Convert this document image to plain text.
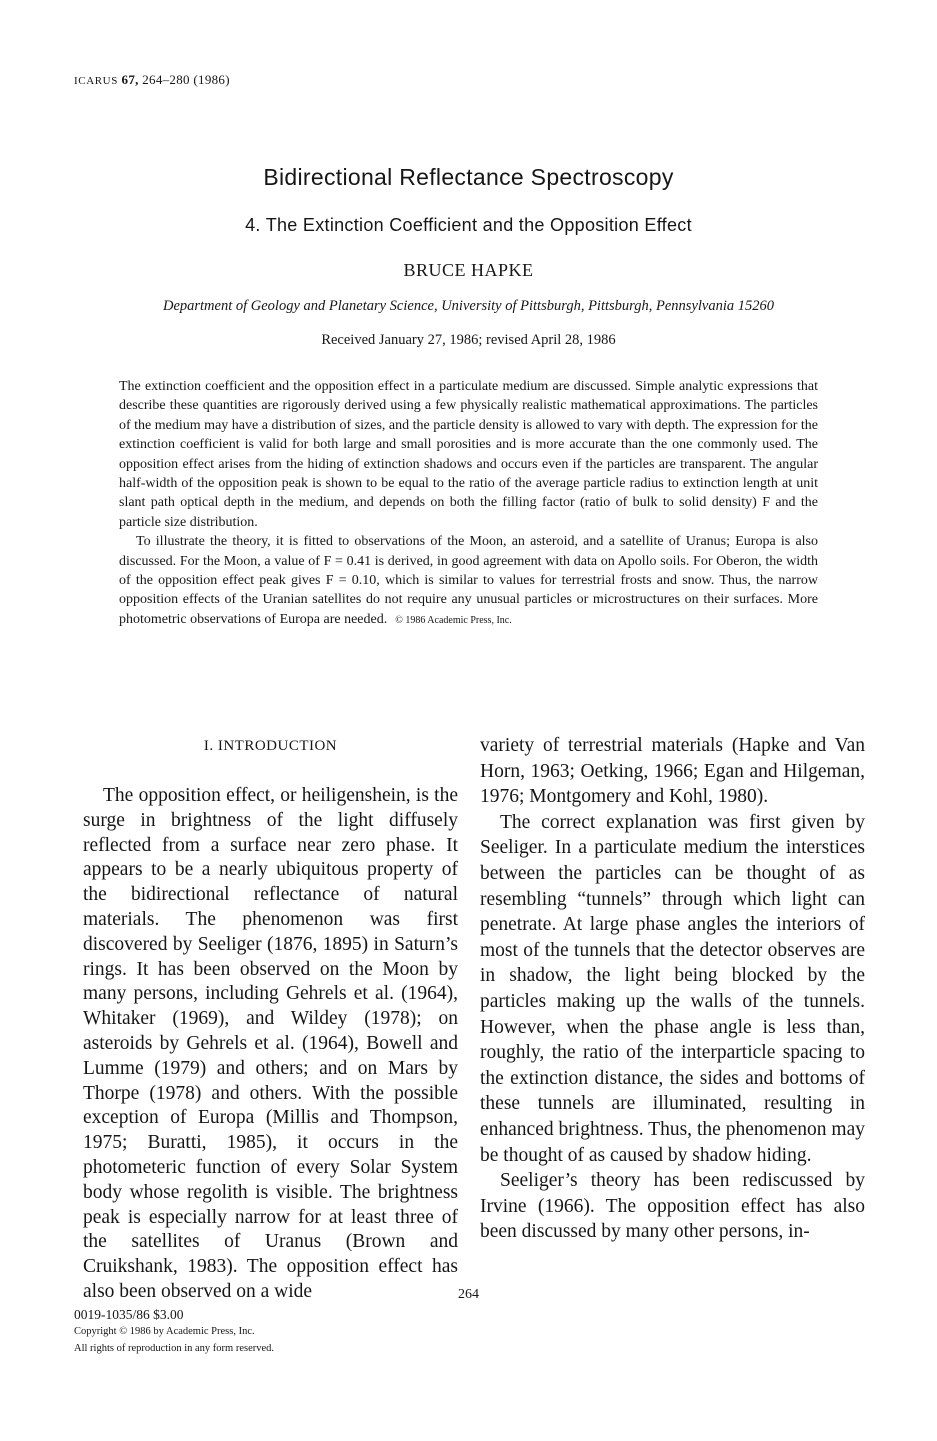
ICARUS 67, 264–280 (1986)
Bidirectional Reflectance Spectroscopy
4. The Extinction Coefficient and the Opposition Effect
BRUCE HAPKE
Department of Geology and Planetary Science, University of Pittsburgh, Pittsburgh, Pennsylvania 15260
Received January 27, 1986; revised April 28, 1986

The extinction coefficient and the opposition effect in a particulate medium are discussed. Simple analytic expressions that describe these quantities are rigorously derived using a few physically realistic mathematical approximations. The particles of the medium may have a distribution of sizes, and the particle density is allowed to vary with depth. The expression for the extinction coefficient is valid for both large and small porosities and is more accurate than the one commonly used. The opposition effect arises from the hiding of extinction shadows and occurs even if the particles are transparent. The angular half-width of the opposition peak is shown to be equal to the ratio of the average particle radius to extinction length at unit slant path optical depth in the medium, and depends on both the filling factor (ratio of bulk to solid density) F and the particle size distribution.

To illustrate the theory, it is fitted to observations of the Moon, an asteroid, and a satellite of Uranus; Europa is also discussed. For the Moon, a value of F = 0.41 is derived, in good agreement with data on Apollo soils. For Oberon, the width of the opposition effect peak gives F = 0.10, which is similar to values for terrestrial frosts and snow. Thus, the narrow opposition effects of the Uranian satellites do not require any unusual particles or microstructures on their surfaces. More photometric observations of Europa are needed. © 1986 Academic Press, Inc.

I. INTRODUCTION

The opposition effect, or heiligenshein, is the surge in brightness of the light diffusely reflected from a surface near zero phase. It appears to be a nearly ubiquitous property of the bidirectional reflectance of natural materials. The phenomenon was first discovered by Seeliger (1876, 1895) in Saturn’s rings. It has been observed on the Moon by many persons, including Gehrels et al. (1964), Whitaker (1969), and Wildey (1978); on asteroids by Gehrels et al. (1964), Bowell and Lumme (1979) and others; and on Mars by Thorpe (1978) and others. With the possible exception of Europa (Millis and Thompson, 1975; Buratti, 1985), it occurs in the photometeric function of every Solar System body whose regolith is visible. The brightness peak is especially narrow for at least three of the satellites of Uranus (Brown and Cruikshank, 1983). The opposition effect has also been observed on a wide

variety of terrestrial materials (Hapke and Van Horn, 1963; Oetking, 1966; Egan and Hilgeman, 1976; Montgomery and Kohl, 1980).

The correct explanation was first given by Seeliger. In a particulate medium the interstices between the particles can be thought of as resembling “tunnels” through which light can penetrate. At large phase angles the interiors of most of the tunnels that the detector observes are in shadow, the light being blocked by the particles making up the walls of the tunnels. However, when the phase angle is less than, roughly, the ratio of the interparticle spacing to the extinction distance, the sides and bottoms of these tunnels are illuminated, resulting in enhanced brightness. Thus, the phenomenon may be thought of as caused by shadow hiding.

Seeliger’s theory has been rediscussed by Irvine (1966). The opposition effect has also been discussed by many other persons, in-

264
0019-1035/86 $3.00
Copyright © 1986 by Academic Press, Inc.
All rights of reproduction in any form reserved.
